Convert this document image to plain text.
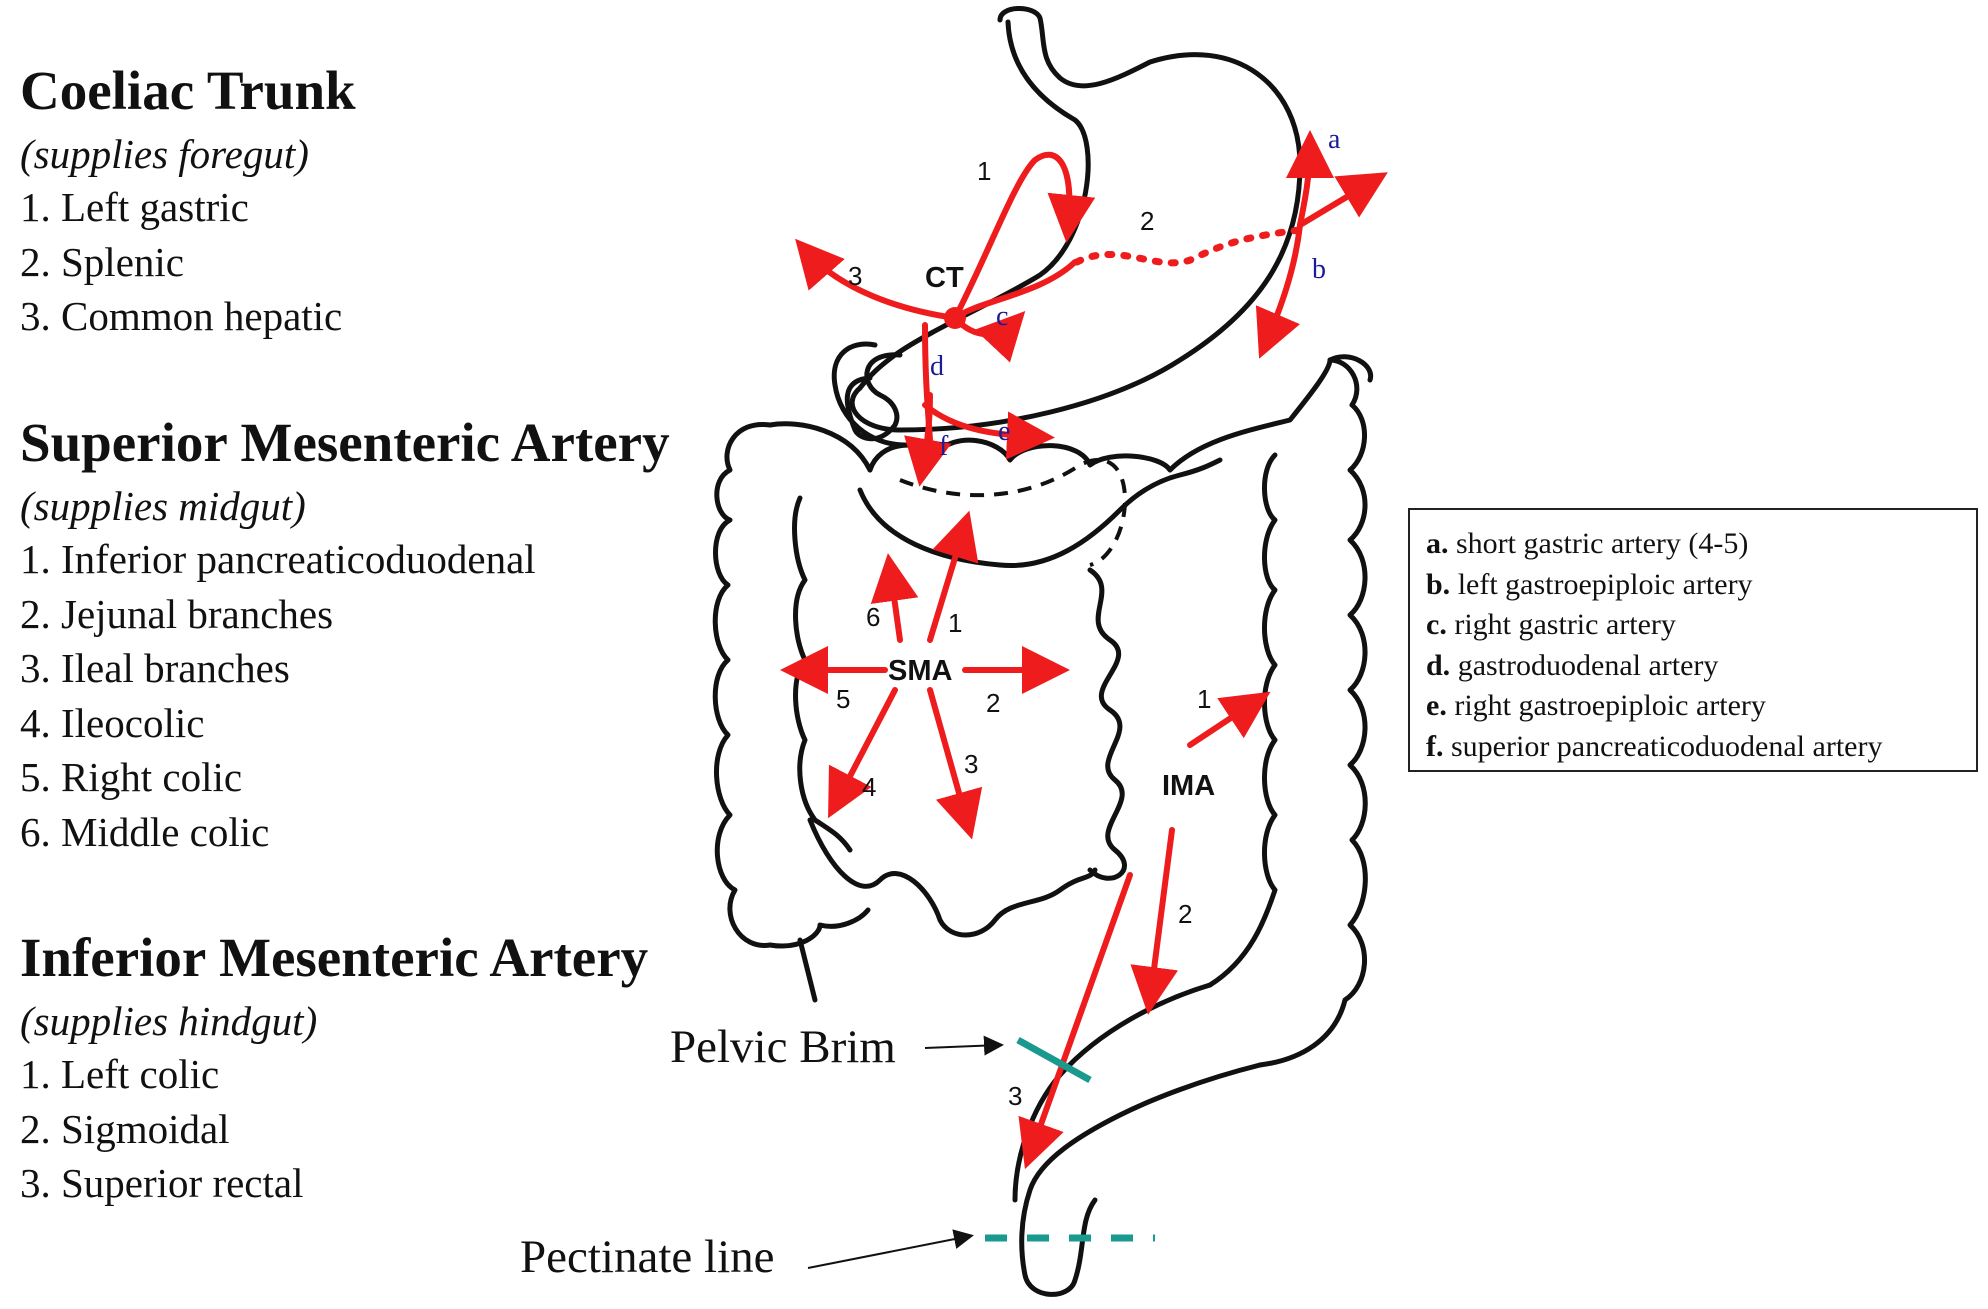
Coeliac Trunk
(supplies foregut)
1. Left gastric
2. Splenic
3. Common hepatic
Superior Mesenteric Artery
(supplies midgut)
1. Inferior pancreaticoduodenal
2. Jejunal branches
3. Ileal branches
4. Ileocolic
5. Right colic
6. Middle colic
Inferior Mesenteric Artery
(supplies hindgut)
1. Left colic
2. Sigmoidal
3. Superior rectal
a. short gastric artery (4-5)
b. left gastroepiploic artery
c. right gastric artery
d. gastroduodenal artery
e. right gastroepiploic artery
f. superior pancreaticoduodenal artery
CT
SMA
IMA
1
2
3
1
2
3
4
5
6
1
2
3
a
b
c
d
e
f
Pelvic Brim
Pectinate line
